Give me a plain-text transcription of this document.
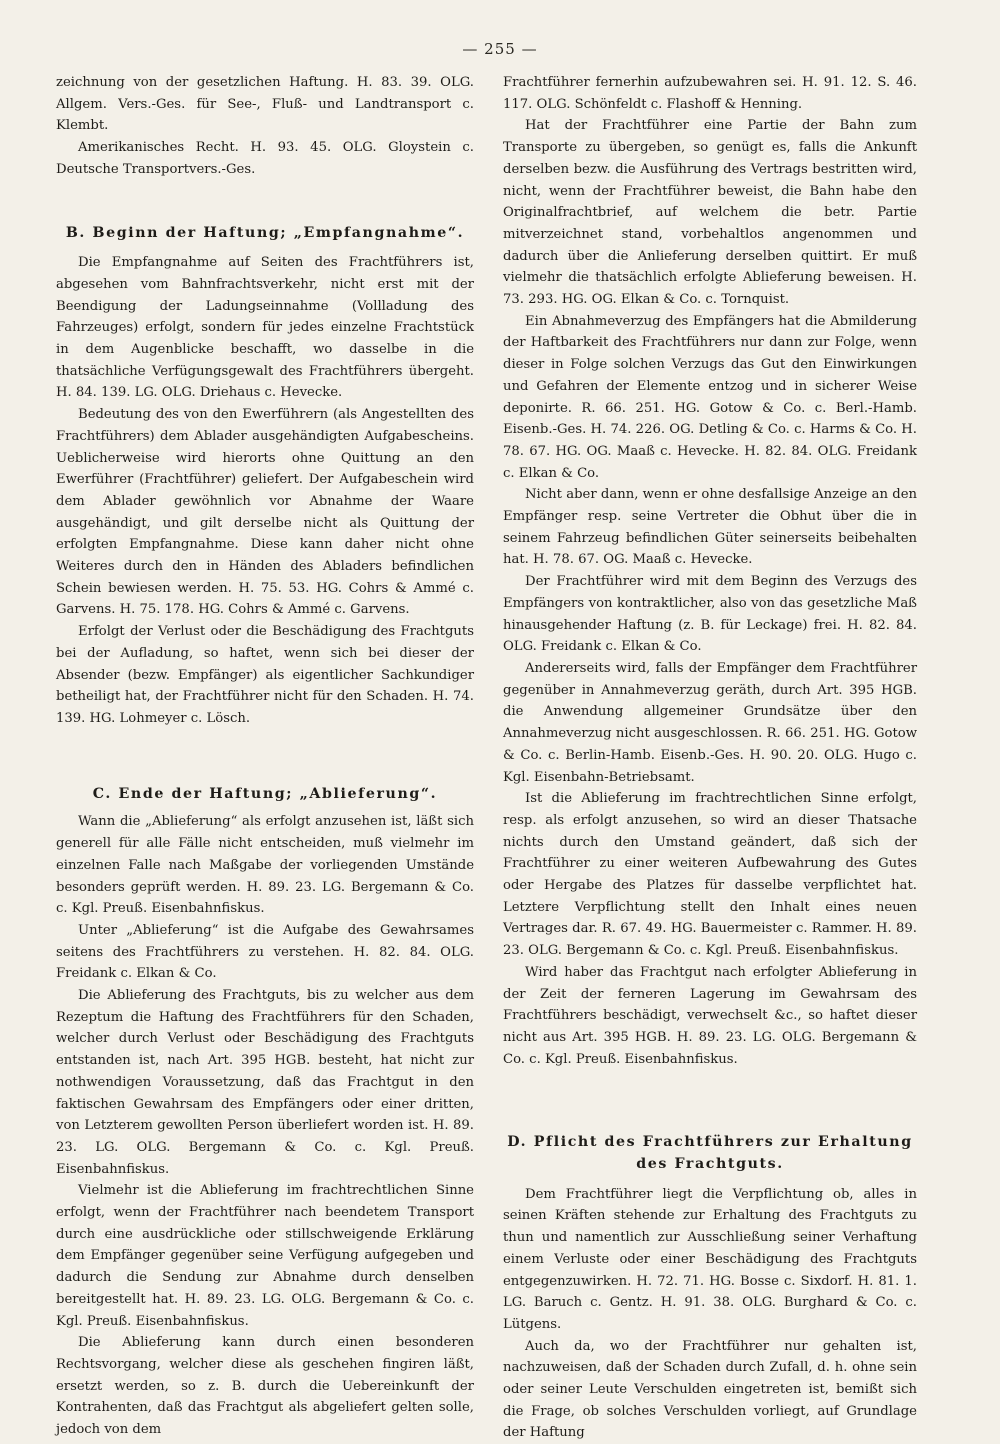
— 255 —

zeichnung von der gesetzlichen Haftung. H. 83. 39. OLG. Allgem. Vers.-Ges. für See-, Fluß- und Landtransport c. Klembt.

Amerikanisches Recht. H. 93. 45. OLG. Gloystein c. Deutsche Transportvers.-Ges.

B. Beginn der Haftung; „Empfangnahme“.

Die Empfangnahme auf Seiten des Frachtführers ist, abgesehen vom Bahnfrachtsverkehr, nicht erst mit der Beendigung der Ladungseinnahme (Vollladung des Fahrzeuges) erfolgt, sondern für jedes einzelne Frachtstück in dem Augenblicke beschafft, wo dasselbe in die thatsächliche Verfügungsgewalt des Frachtführers übergeht. H. 84. 139. LG. OLG. Driehaus c. Hevecke.

Bedeutung des von den Ewerführern (als Angestellten des Frachtführers) dem Ablader ausgehändigten Aufgabescheins. Ueblicherweise wird hierorts ohne Quittung an den Ewerführer (Frachtführer) geliefert. Der Aufgabeschein wird dem Ablader gewöhnlich vor Abnahme der Waare ausgehändigt, und gilt derselbe nicht als Quittung der erfolgten Empfangnahme. Diese kann daher nicht ohne Weiteres durch den in Händen des Abladers befindlichen Schein bewiesen werden. H. 75. 53. HG. Cohrs & Ammé c. Garvens. H. 75. 178. HG. Cohrs & Ammé c. Garvens.

Erfolgt der Verlust oder die Beschädigung des Frachtguts bei der Aufladung, so haftet, wenn sich bei dieser der Absender (bezw. Empfänger) als eigentlicher Sachkundiger betheiligt hat, der Frachtführer nicht für den Schaden. H. 74. 139. HG. Lohmeyer c. Lösch.

C. Ende der Haftung; „Ablieferung“.

Wann die „Ablieferung“ als erfolgt anzusehen ist, läßt sich generell für alle Fälle nicht entscheiden, muß vielmehr im einzelnen Falle nach Maßgabe der vorliegenden Umstände besonders geprüft werden. H. 89. 23. LG. Bergemann & Co. c. Kgl. Preuß. Eisenbahnfiskus.

Unter „Ablieferung“ ist die Aufgabe des Gewahrsames seitens des Frachtführers zu verstehen. H. 82. 84. OLG. Freidank c. Elkan & Co.

Die Ablieferung des Frachtguts, bis zu welcher aus dem Rezeptum die Haftung des Frachtführers für den Schaden, welcher durch Verlust oder Beschädigung des Frachtguts entstanden ist, nach Art. 395 HGB. besteht, hat nicht zur nothwendigen Voraussetzung, daß das Frachtgut in den faktischen Gewahrsam des Empfängers oder einer dritten, von Letzterem gewollten Person überliefert worden ist. H. 89. 23. LG. OLG. Bergemann & Co. c. Kgl. Preuß. Eisenbahnfiskus.

Vielmehr ist die Ablieferung im frachtrechtlichen Sinne erfolgt, wenn der Frachtführer nach beendetem Transport durch eine ausdrückliche oder stillschweigende Erklärung dem Empfänger gegenüber seine Verfügung aufgegeben und dadurch die Sendung zur Abnahme durch denselben bereitgestellt hat. H. 89. 23. LG. OLG. Bergemann & Co. c. Kgl. Preuß. Eisenbahnfiskus.

Die Ablieferung kann durch einen besonderen Rechtsvorgang, welcher diese als geschehen fingiren läßt, ersetzt werden, so z. B. durch die Uebereinkunft der Kontrahenten, daß das Frachtgut als abgeliefert gelten solle, jedoch von dem

Frachtführer fernerhin aufzubewahren sei. H. 91. 12. S. 46. 117. OLG. Schönfeldt c. Flashoff & Henning.

Hat der Frachtführer eine Partie der Bahn zum Transporte zu übergeben, so genügt es, falls die Ankunft derselben bezw. die Ausführung des Vertrags bestritten wird, nicht, wenn der Frachtführer beweist, die Bahn habe den Originalfrachtbrief, auf welchem die betr. Partie mitverzeichnet stand, vorbehaltlos angenommen und dadurch über die Anlieferung derselben quittirt. Er muß vielmehr die thatsächlich erfolgte Ablieferung beweisen. H. 73. 293. HG. OG. Elkan & Co. c. Tornquist.

Ein Abnahmeverzug des Empfängers hat die Abmilderung der Haftbarkeit des Frachtführers nur dann zur Folge, wenn dieser in Folge solchen Verzugs das Gut den Einwirkungen und Gefahren der Elemente entzog und in sicherer Weise deponirte. R. 66. 251. HG. Gotow & Co. c. Berl.-Hamb. Eisenb.-Ges. H. 74. 226. OG. Detling & Co. c. Harms & Co. H. 78. 67. HG. OG. Maaß c. Hevecke. H. 82. 84. OLG. Freidank c. Elkan & Co.

Nicht aber dann, wenn er ohne desfallsige Anzeige an den Empfänger resp. seine Vertreter die Obhut über die in seinem Fahrzeug befindlichen Güter seinerseits beibehalten hat. H. 78. 67. OG. Maaß c. Hevecke.

Der Frachtführer wird mit dem Beginn des Verzugs des Empfängers von kontraktlicher, also von das gesetzliche Maß hinausgehender Haftung (z. B. für Leckage) frei. H. 82. 84. OLG. Freidank c. Elkan & Co.

Andererseits wird, falls der Empfänger dem Frachtführer gegenüber in Annahmeverzug geräth, durch Art. 395 HGB. die Anwendung allgemeiner Grundsätze über den Annahmeverzug nicht ausgeschlossen. R. 66. 251. HG. Gotow & Co. c. Berlin-Hamb. Eisenb.-Ges. H. 90. 20. OLG. Hugo c. Kgl. Eisenbahn-Betriebsamt.

Ist die Ablieferung im frachtrechtlichen Sinne erfolgt, resp. als erfolgt anzusehen, so wird an dieser Thatsache nichts durch den Umstand geändert, daß sich der Frachtführer zu einer weiteren Aufbewahrung des Gutes oder Hergabe des Platzes für dasselbe verpflichtet hat. Letztere Verpflichtung stellt den Inhalt eines neuen Vertrages dar. R. 67. 49. HG. Bauermeister c. Rammer. H. 89. 23. OLG. Bergemann & Co. c. Kgl. Preuß. Eisenbahnfiskus.

Wird haber das Frachtgut nach erfolgter Ablieferung in der Zeit der ferneren Lagerung im Gewahrsam des Frachtführers beschädigt, verwechselt &c., so haftet dieser nicht aus Art. 395 HGB. H. 89. 23. LG. OLG. Bergemann & Co. c. Kgl. Preuß. Eisenbahnfiskus.

D. Pflicht des Frachtführers zur Erhaltung
des Frachtguts.

Dem Frachtführer liegt die Verpflichtung ob, alles in seinen Kräften stehende zur Erhaltung des Frachtguts zu thun und namentlich zur Ausschließung seiner Verhaftung einem Verluste oder einer Beschädigung des Frachtguts entgegenzuwirken. H. 72. 71. HG. Bosse c. Sixdorf. H. 81. 1. LG. Baruch c. Gentz. H. 91. 38. OLG. Burghard & Co. c. Lütgens.

Auch da, wo der Frachtführer nur gehalten ist, nachzuweisen, daß der Schaden durch Zufall, d. h. ohne sein oder seiner Leute Verschulden eingetreten ist, bemißt sich die Frage, ob solches Verschulden vorliegt, auf Grundlage der Haftung
